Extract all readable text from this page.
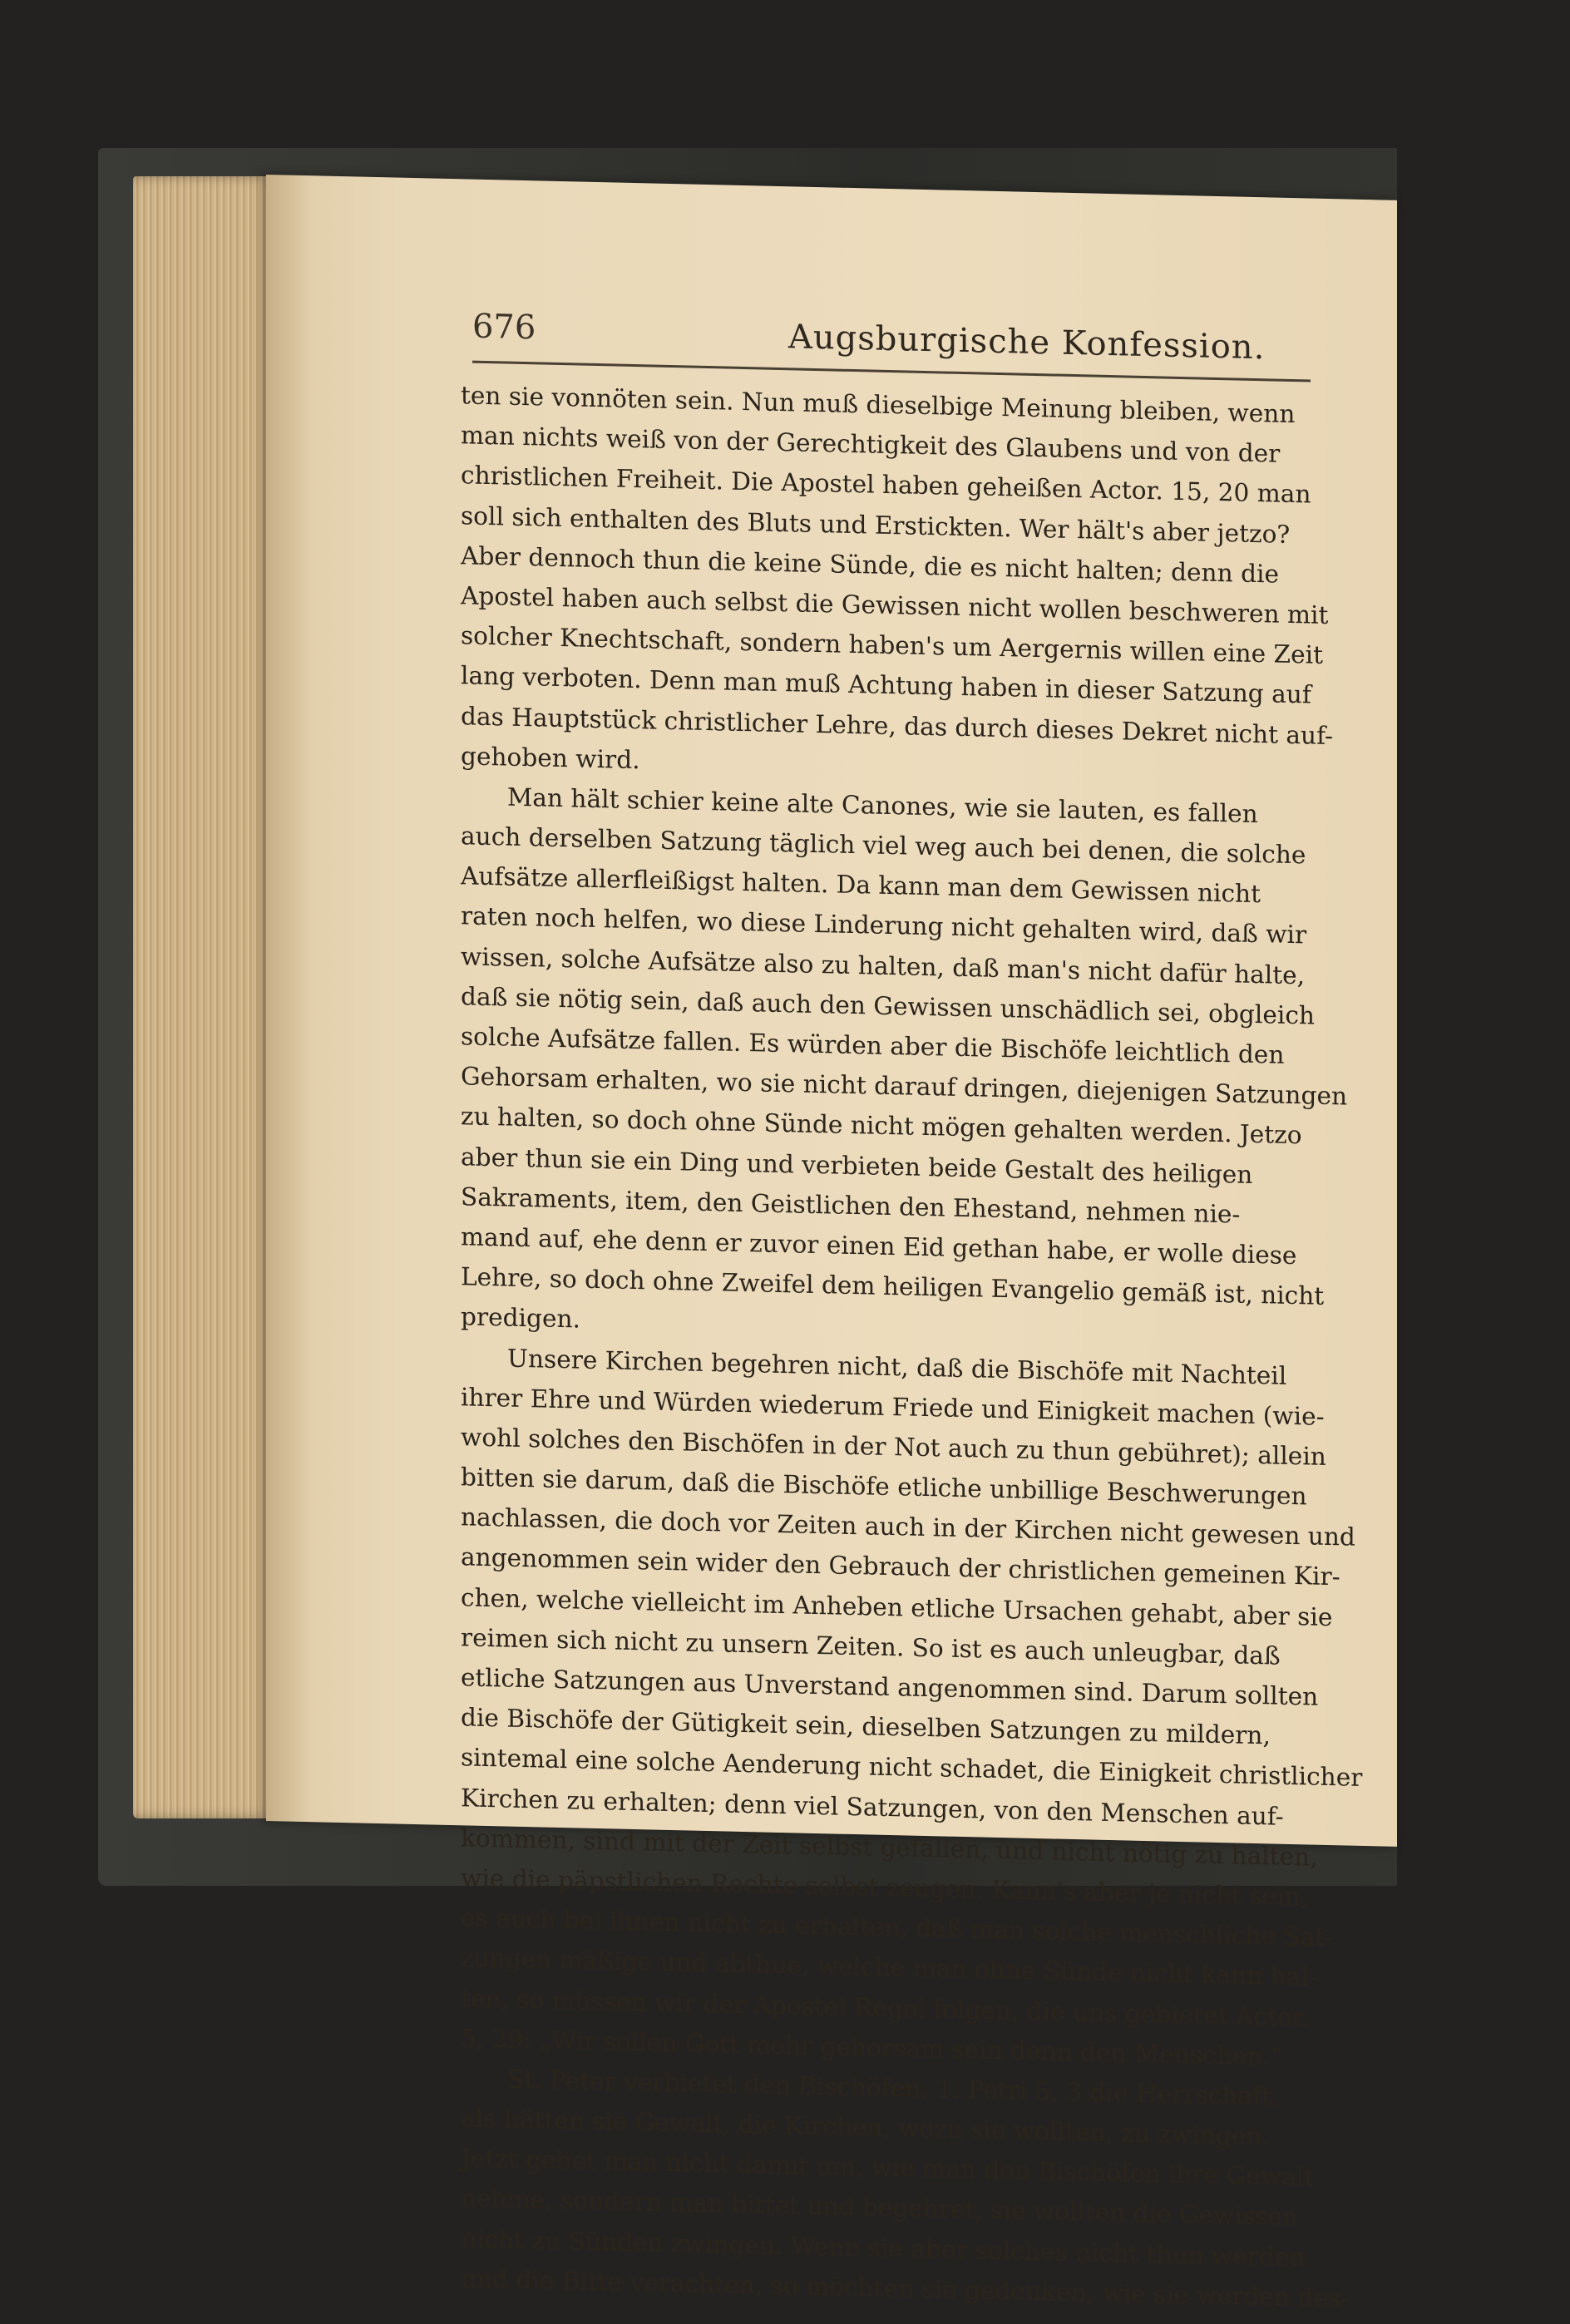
676	Augsburgische Konfession.

ten sie vonnöten sein. Nun muß dieselbige Meinung bleiben, wenn
man nichts weiß von der Gerechtigkeit des Glaubens und von der
christlichen Freiheit. Die Apostel haben geheißen Actor. 15, 20 man
soll sich enthalten des Bluts und Erstickten. Wer hält's aber jetzo?
Aber dennoch thun die keine Sünde, die es nicht halten; denn die
Apostel haben auch selbst die Gewissen nicht wollen beschweren mit
solcher Knechtschaft, sondern haben's um Aergernis willen eine Zeit
lang verboten. Denn man muß Achtung haben in dieser Satzung auf
das Hauptstück christlicher Lehre, das durch dieses Dekret nicht auf-
gehoben wird.

Man hält schier keine alte Canones, wie sie lauten, es fallen
auch derselben Satzung täglich viel weg auch bei denen, die solche
Aufsätze allerfleißigst halten. Da kann man dem Gewissen nicht
raten noch helfen, wo diese Linderung nicht gehalten wird, daß wir
wissen, solche Aufsätze also zu halten, daß man's nicht dafür halte,
daß sie nötig sein, daß auch den Gewissen unschädlich sei, obgleich
solche Aufsätze fallen. Es würden aber die Bischöfe leichtlich den
Gehorsam erhalten, wo sie nicht darauf dringen, diejenigen Satzungen
zu halten, so doch ohne Sünde nicht mögen gehalten werden. Jetzo
aber thun sie ein Ding und verbieten beide Gestalt des heiligen
Sakraments, item, den Geistlichen den Ehestand, nehmen nie-
mand auf, ehe denn er zuvor einen Eid gethan habe, er wolle diese
Lehre, so doch ohne Zweifel dem heiligen Evangelio gemäß ist, nicht
predigen.

Unsere Kirchen begehren nicht, daß die Bischöfe mit Nachteil
ihrer Ehre und Würden wiederum Friede und Einigkeit machen (wie-
wohl solches den Bischöfen in der Not auch zu thun gebühret); allein
bitten sie darum, daß die Bischöfe etliche unbillige Beschwerungen
nachlassen, die doch vor Zeiten auch in der Kirchen nicht gewesen und
angenommen sein wider den Gebrauch der christlichen gemeinen Kir-
chen, welche vielleicht im Anheben etliche Ursachen gehabt, aber sie
reimen sich nicht zu unsern Zeiten. So ist es auch unleugbar, daß
etliche Satzungen aus Unverstand angenommen sind. Darum sollten
die Bischöfe der Gütigkeit sein, dieselben Satzungen zu mildern,
sintemal eine solche Aenderung nicht schadet, die Einigkeit christlicher
Kirchen zu erhalten; denn viel Satzungen, von den Menschen auf-
kommen, sind mit der Zeit selbst gefallen, und nicht nötig zu halten,
wie die päpstlichen Rechte selbst zeugen. Kann's aber je nicht sein,
es auch bei ihnen nicht zu erhalten, daß man solche menschliche Sat-
zungen mäßige und abthue, welche man ohne Sünde nicht kann hal-
ten, so müssen wir der Apostel Regel folgen, die uns gebietet Actor.
5, 29: „Wir sollen Gott mehr gehorsam sein denn den Menschen.“

St. Peter verbietet den Bischöfen, 1. Petri 5, 3 die Herrschaft,
als hätten sie Gewalt, die Kirchen, wozu sie wollten, zu zwingen.
Jetzt gehet man nicht damit um, wie man den Bischöfen ihre Gewalt
nehme, sondern man bittet und begehret, sie wollten die Gewissen
nicht zu Sünden zwingen. Wenn sie aber solches nicht thun werden
und die Bitte verachten, so möchten sie gedenken, wie sie werden des-
